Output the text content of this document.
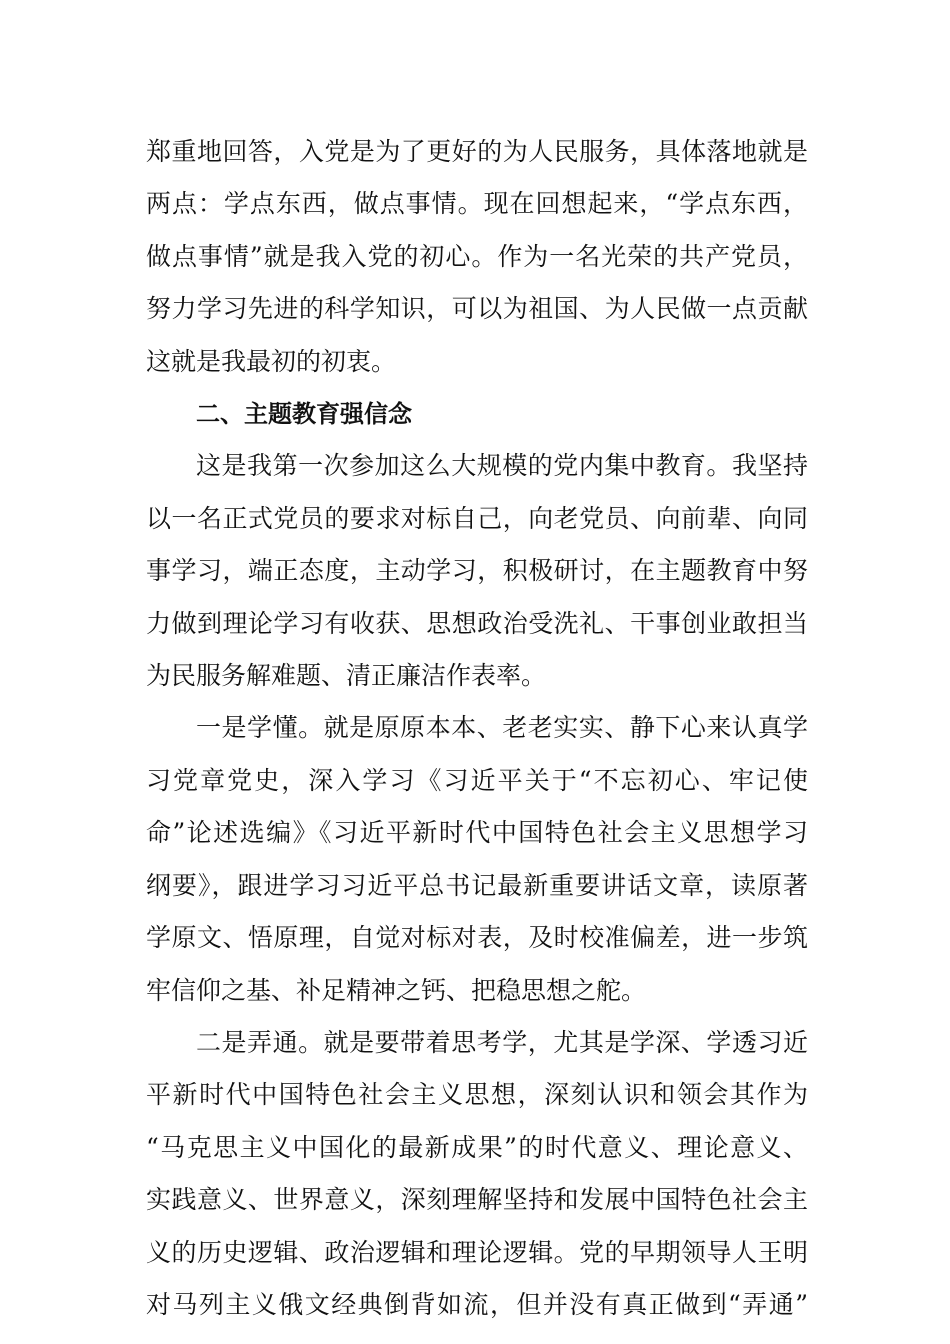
郑重地回答，入党是为了更好的为人民服务，具体落地就是
两点：学点东西，做点事情。现在回想起来，“学点东西，
做点事情”就是我入党的初心。作为一名光荣的共产党员，
努力学习先进的科学知识，可以为祖国、为人民做一点贡献
这就是我最初的初衷。

二、主题教育强信念

这是我第一次参加这么大规模的党内集中教育。我坚持
以一名正式党员的要求对标自己，向老党员、向前辈、向同
事学习，端正态度，主动学习，积极研讨，在主题教育中努
力做到理论学习有收获、思想政治受洗礼、干事创业敢担当
为民服务解难题、清正廉洁作表率。

一是学懂。就是原原本本、老老实实、静下心来认真学
习党章党史，深入学习《习近平关于“不忘初心、牢记使
命”论述选编》《习近平新时代中国特色社会主义思想学习
纲要》，跟进学习习近平总书记最新重要讲话文章，读原著
学原文、悟原理，自觉对标对表，及时校准偏差，进一步筑
牢信仰之基、补足精神之钙、把稳思想之舵。

二是弄通。就是要带着思考学，尤其是学深、学透习近
平新时代中国特色社会主义思想，深刻认识和领会其作为
“马克思主义中国化的最新成果”的时代意义、理论意义、
实践意义、世界意义，深刻理解坚持和发展中国特色社会主
义的历史逻辑、政治逻辑和理论逻辑。党的早期领导人王明
对马列主义俄文经典倒背如流，但并没有真正做到“弄通”
